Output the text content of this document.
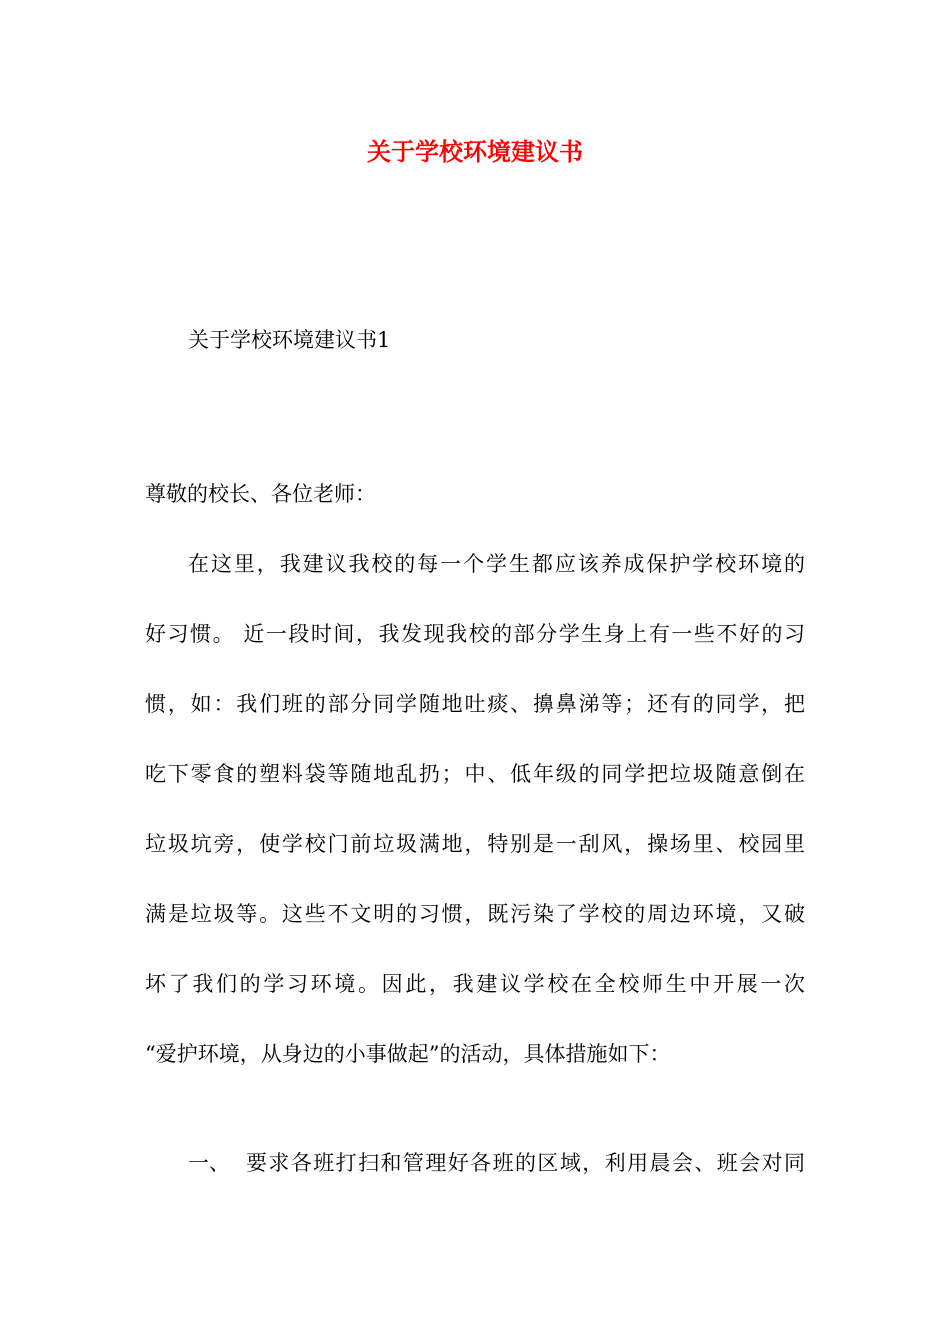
关于学校环境建议书

关于学校环境建议书1

尊敬的校长、各位老师：

在这里，我建议我校的每一个学生都应该养成保护学校环境的

好习惯。 近一段时间，我发现我校的部分学生身上有一些不好的习

惯，如：我们班的部分同学随地吐痰、擤鼻涕等；还有的同学，把

吃下零食的塑料袋等随地乱扔；中、低年级的同学把垃圾随意倒在

垃圾坑旁，使学校门前垃圾满地，特别是一刮风，操场里、校园里

满是垃圾等。这些不文明的习惯，既污染了学校的周边环境，又破

坏了我们的学习环境。因此，我建议学校在全校师生中开展一次

“爱护环境，从身边的小事做起”的活动，具体措施如下：

一、 要求各班打扫和管理好各班的区域，利用晨会、班会对同
